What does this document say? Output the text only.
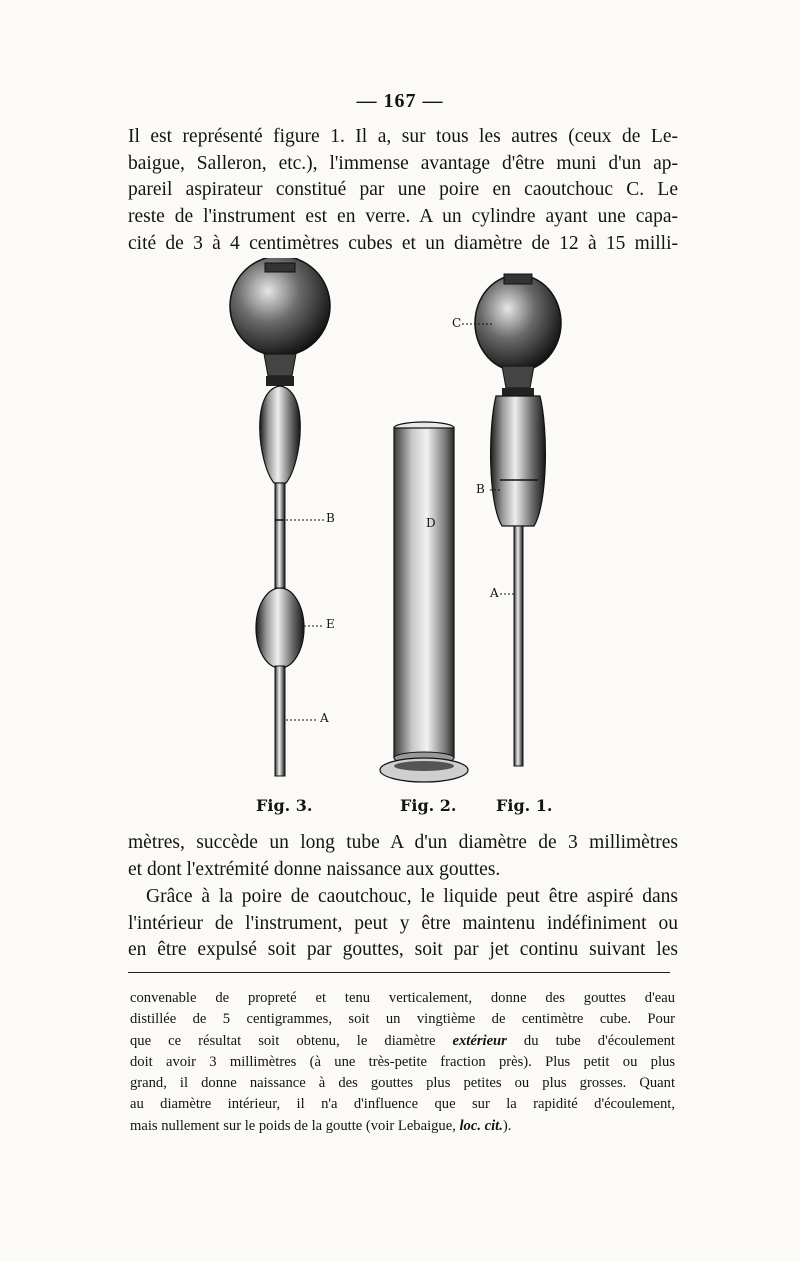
— 167 —

Il est représenté figure 1. Il a, sur tous les autres (ceux de Le-
baigue, Salleron, etc.), l'immense avantage d'être muni d'un ap-
pareil aspirateur constitué par une poire en caoutchouc C. Le
reste de l'instrument est en verre. A un cylindre ayant une capa-
cité de 3 à 4 centimètres cubes et un diamètre de 12 à 15 milli-

B
E
A
D
C
B
A
Fig. 3.	Fig. 2. Fig. 1.

mètres, succède un long tube A d'un diamètre de 3 millimètres
et dont l'extrémité donne naissance aux gouttes.

Grâce à la poire de caoutchouc, le liquide peut être aspiré dans
l'intérieur de l'instrument, peut y être maintenu indéfiniment ou
en être expulsé soit par gouttes, soit par jet continu suivant les

convenable de propreté et tenu verticalement, donne des gouttes d'eau
distillée de 5 centigrammes, soit un vingtième de centimètre cube. Pour
que ce résultat soit obtenu, le diamètre extérieur du tube d'écoulement
doit avoir 3 millimètres (à une très-petite fraction près). Plus petit ou plus
grand, il donne naissance à des gouttes plus petites ou plus grosses. Quant
au diamètre intérieur, il n'a d'influence que sur la rapidité d'écoulement,
mais nullement sur le poids de la goutte (voir Lebaigue, loc. cit.).
